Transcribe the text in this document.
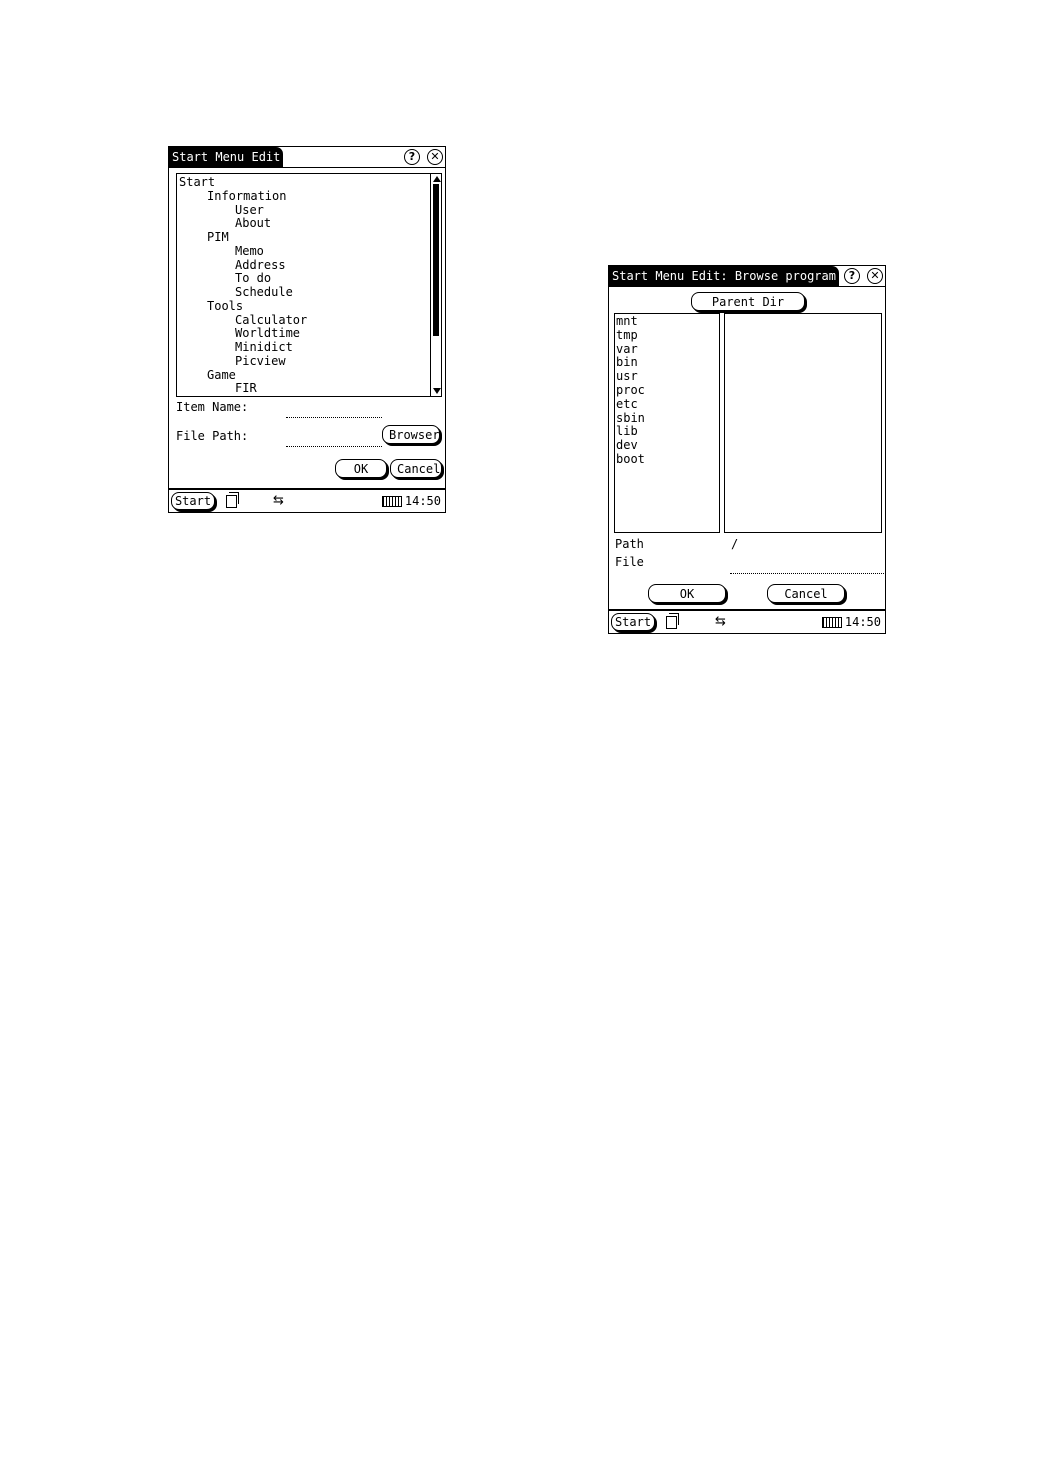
Start Menu Edit	?	✕
Start
Information
User
About
PIM
Memo
Address
To do
Schedule
Tools
Calculator
Worldtime
Minidict
Picview
Game
FIR
Item Name:
File Path:	Browser
OK	Cancel
Start	⇆	14:50
Start Menu Edit: Browse program	?	✕
Parent Dir
mnt
tmp
var
bin
usr
proc
etc
sbin
lib
dev
boot
Path	/
File
OK	Cancel
Start	⇆	14:50
